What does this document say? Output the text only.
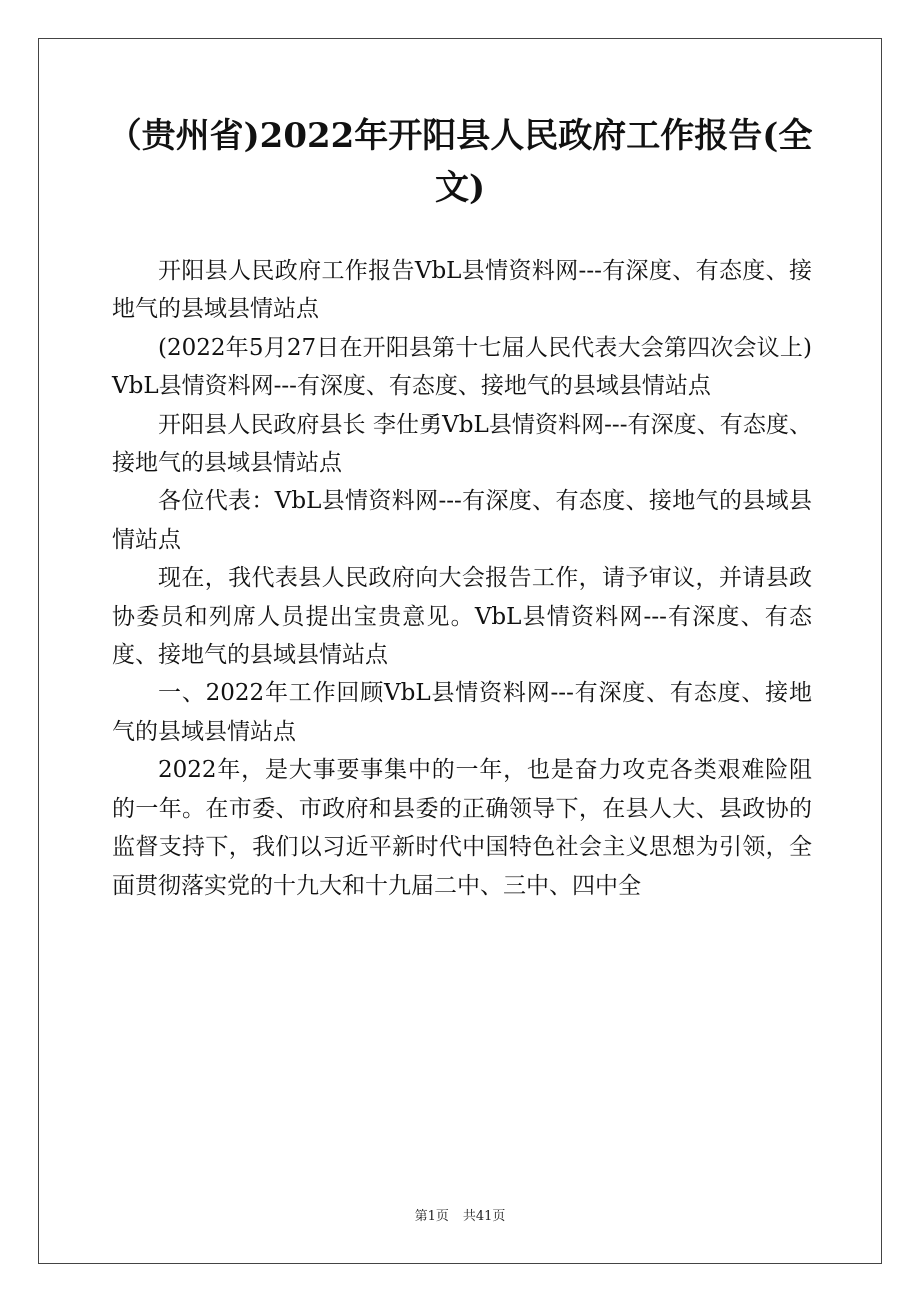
（贵州省)2022年开阳县人民政府工作报告(全文)

开阳县人民政府工作报告VbL县情资料网---有深度、有态度、接地气的县域县情站点

(2022年5月27日在开阳县第十七届人民代表大会第四次会议上)VbL县情资料网---有深度、有态度、接地气的县域县情站点

开阳县人民政府县长 李仕勇VbL县情资料网---有深度、有态度、接地气的县域县情站点

各位代表：VbL县情资料网---有深度、有态度、接地气的县域县情站点

现在，我代表县人民政府向大会报告工作，请予审议，并请县政协委员和列席人员提出宝贵意见。VbL县情资料网---有深度、有态度、接地气的县域县情站点

一、2022年工作回顾VbL县情资料网---有深度、有态度、接地气的县域县情站点

2022年，是大事要事集中的一年，也是奋力攻克各类艰难险阻的一年。在市委、市政府和县委的正确领导下，在县人大、县政协的监督支持下，我们以习近平新时代中国特色社会主义思想为引领，全面贯彻落实党的十九大和十九届二中、三中、四中全

第1页 共41页
